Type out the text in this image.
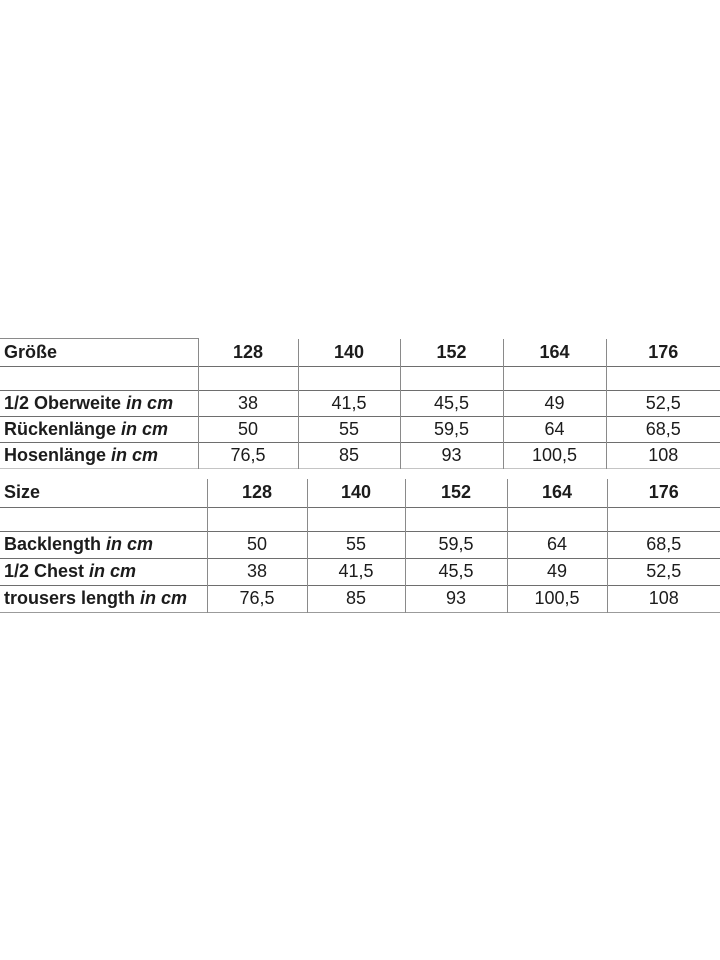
Größe	128	140	152	164	176

1/2 Oberweite in cm	38	41,5	45,5	49	52,5
Rückenlänge in cm	50	55	59,5	64	68,5
Hosenlänge in cm	76,5	85	93	100,5	108
Size	128	140	152	164	176

Backlength in cm	50	55	59,5	64	68,5
1/2 Chest in cm	38	41,5	45,5	49	52,5
trousers length in cm	76,5	85	93	100,5	108
